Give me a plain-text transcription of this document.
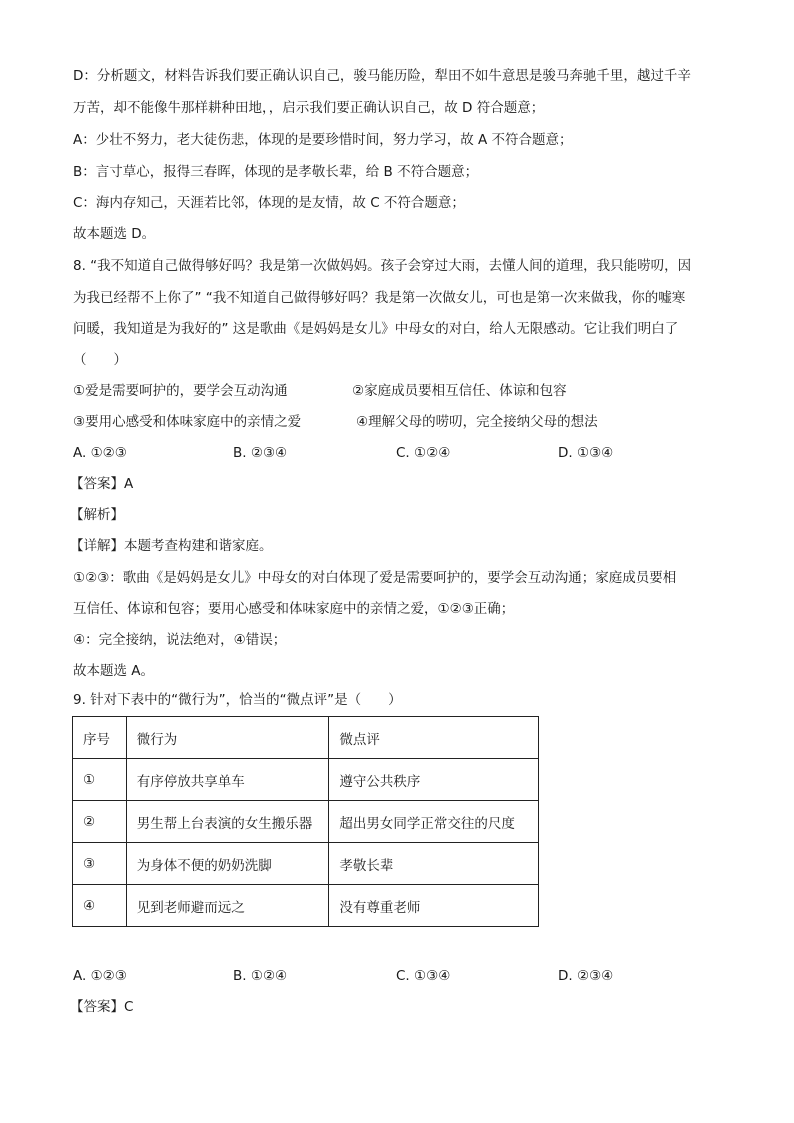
D：分析题文，材料告诉我们要正确认识自己，骏马能历险，犁田不如牛意思是骏马奔驰千里，越过千辛
万苦，却不能像牛那样耕种田地，，启示我们要正确认识自己，故 D 符合题意；
A：少壮不努力，老大徒伤悲，体现的是要珍惜时间，努力学习，故 A 不符合题意；
B：言寸草心，报得三春晖，体现的是孝敬长辈，给 B 不符合题意；
C：海内存知己，天涯若比邻，体现的是友情，故 C 不符合题意；
故本题选 D。
8. “我不知道自己做得够好吗？我是第一次做妈妈。孩子会穿过大雨，去懂人间的道理，我只能唠叨，因
为我已经帮不上你了” “我不知道自己做得够好吗？我是第一次做女儿，可也是第一次来做我，你的嘘寒
问暖，我知道是为我好的” 这是歌曲《是妈妈是女儿》中母女的对白，给人无限感动。它让我们明白了
（　　）
①爱是需要呵护的，要学会互动沟通	②家庭成员要相互信任、体谅和包容
③要用心感受和体味家庭中的亲情之爱	④理解父母的唠叨，完全接纳父母的想法
A. ①②③	B. ②③④	C. ①②④	D. ①③④
【答案】A
【解析】
【详解】本题考查构建和谐家庭。
①②③：歌曲《是妈妈是女儿》中母女的对白体现了爱是需要呵护的，要学会互动沟通；家庭成员要相
互信任、体谅和包容；要用心感受和体味家庭中的亲情之爱，①②③正确；
④：完全接纳，说法绝对，④错误；
故本题选 A。
9. 针对下表中的“微行为”，恰当的“微点评”是（　　）
序号	微行为	微点评
①	有序停放共享单车	遵守公共秩序
②	男生帮上台表演的女生搬乐器	超出男女同学正常交往的尺度
③	为身体不便的奶奶洗脚	孝敬长辈
④	见到老师避而远之	没有尊重老师
A. ①②③	B. ①②④	C. ①③④	D. ②③④
【答案】C
